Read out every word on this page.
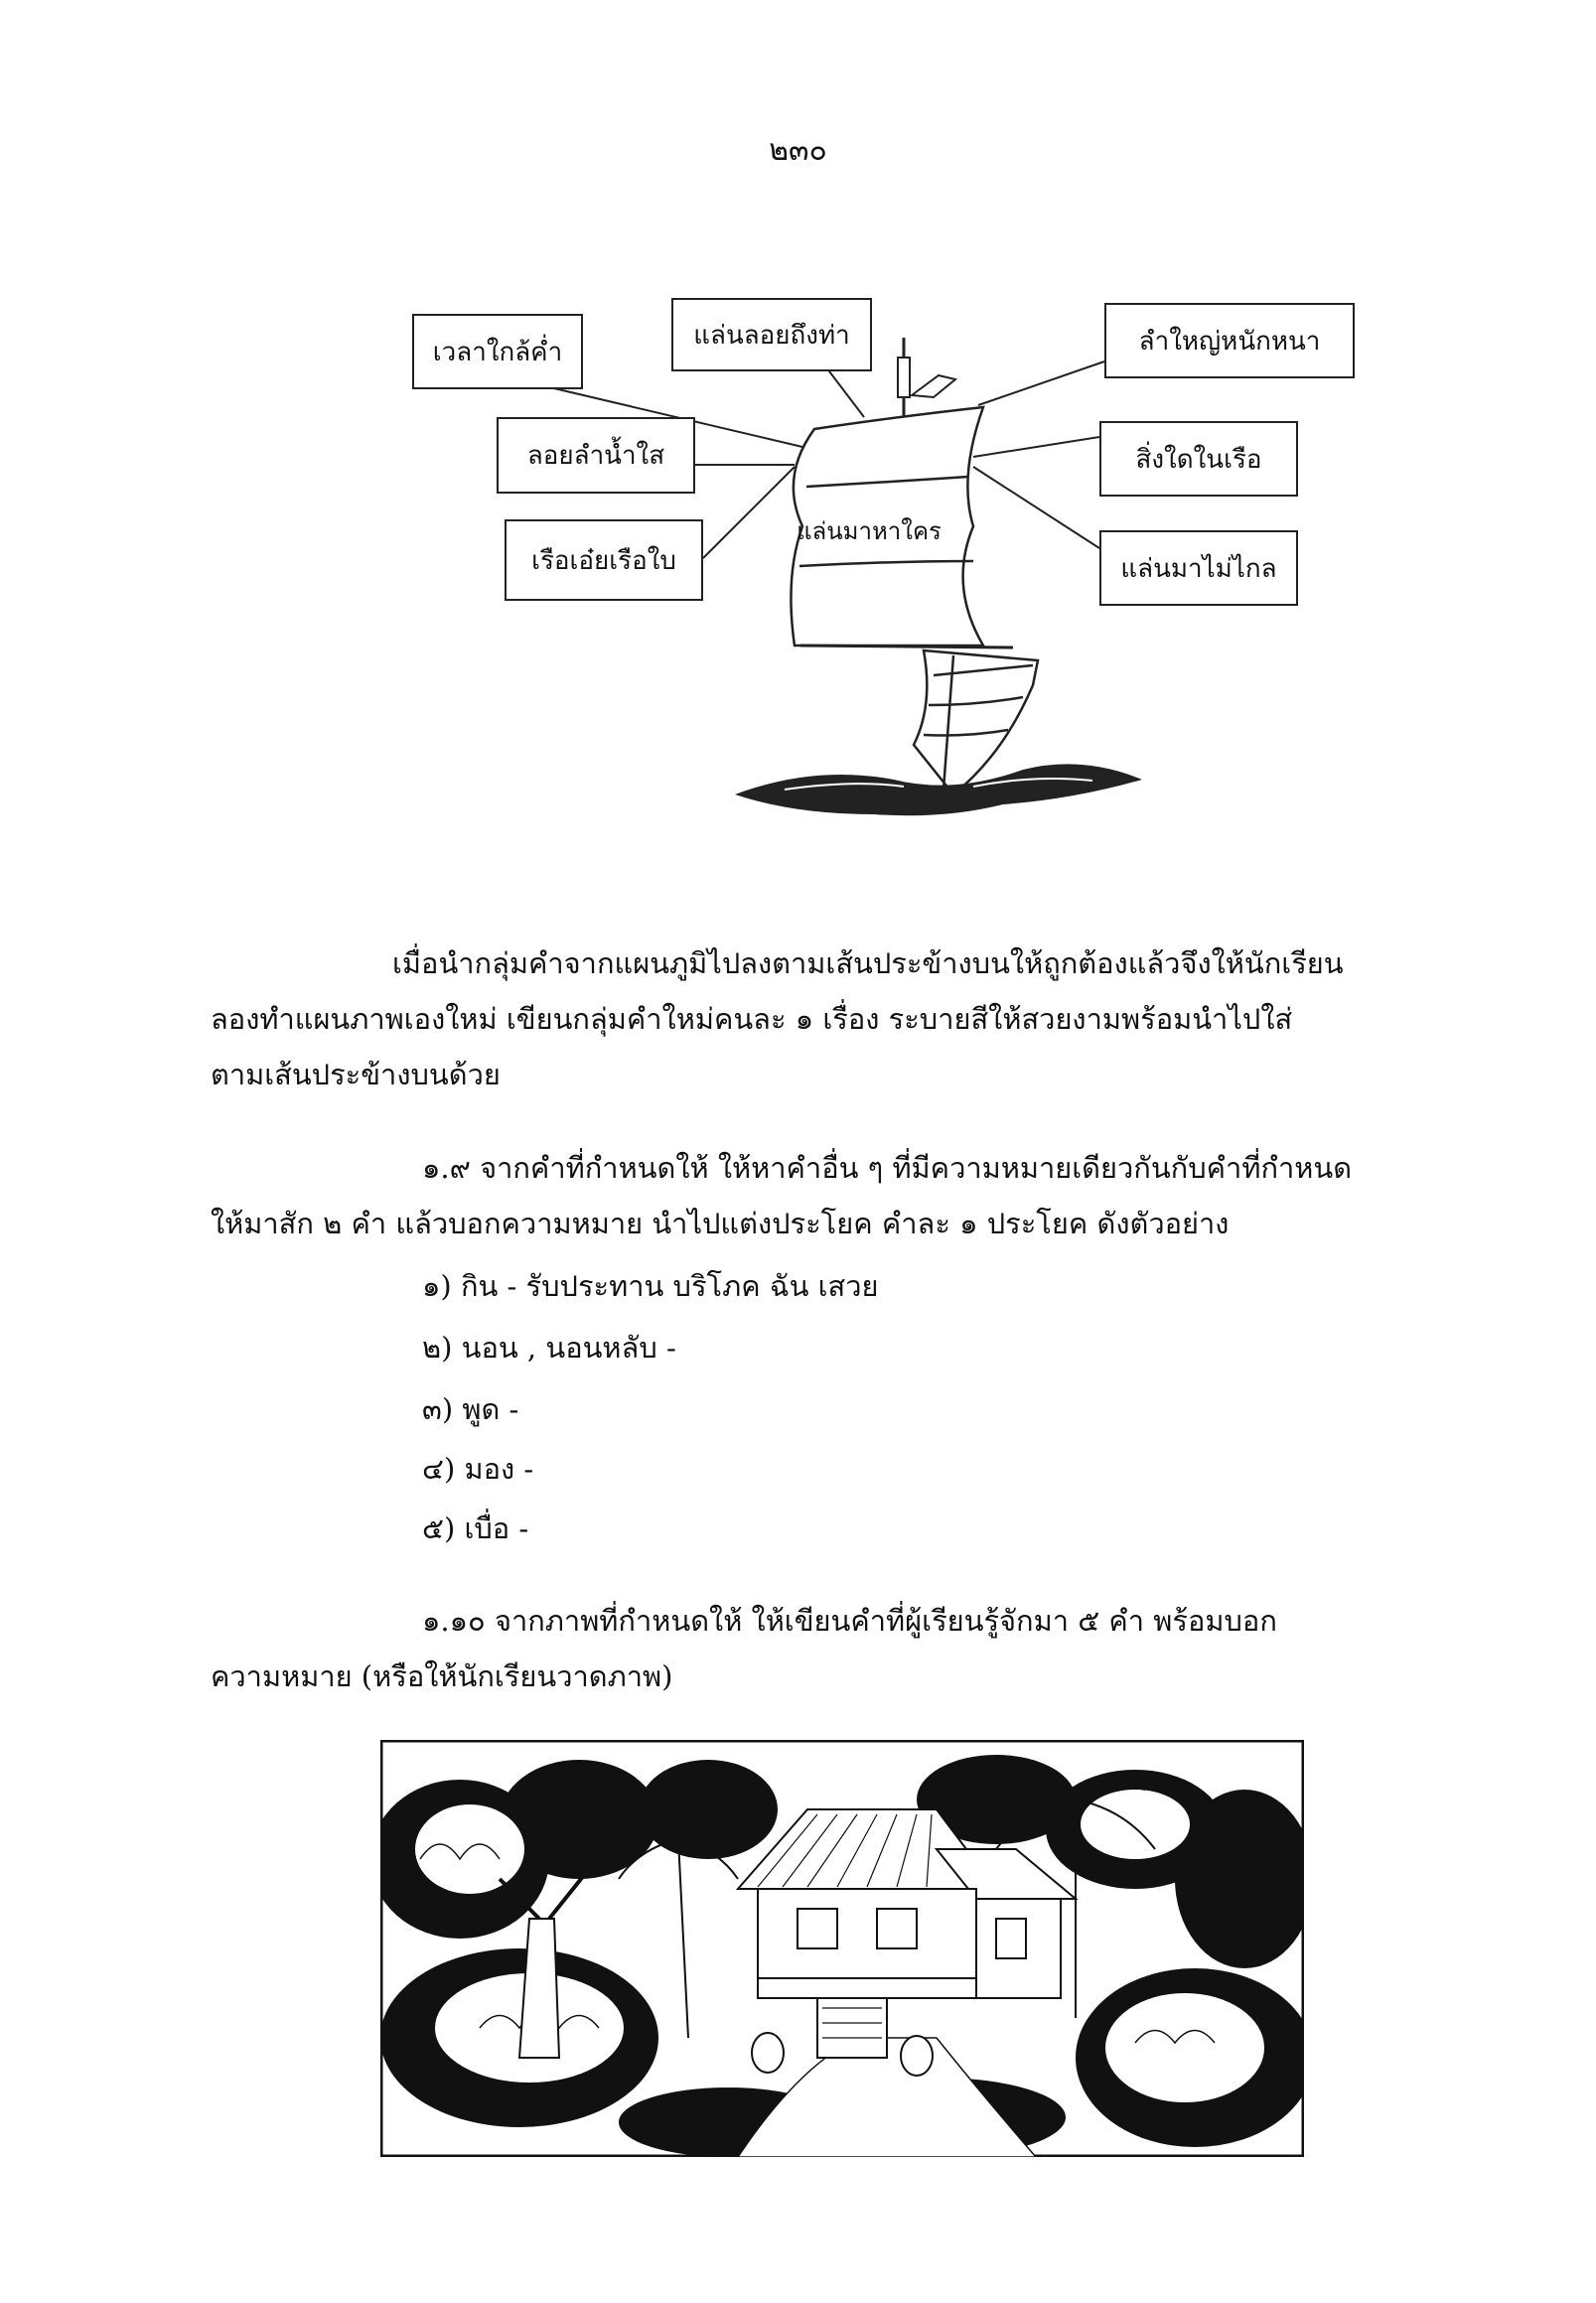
๒๓๐
เวลาใกล้ค่ำ
แล่นลอยถึงท่า	ลำใหญ่หนักหนา
ลอยลำน้ำใส	สิ่งใดในเรือ
เรือเอ๋ยเรือใบ	แล่นมาไม่ไกล
แล่นมาหาใคร
เมื่อนำกลุ่มคำจากแผนภูมิไปลงตามเส้นประข้างบนให้ถูกต้องแล้วจึงให้นักเรียน
ลองทำแผนภาพเองใหม่ เขียนกลุ่มคำใหม่คนละ ๑ เรื่อง ระบายสีให้สวยงามพร้อมนำไปใส่
ตามเส้นประข้างบนด้วย
๑.๙ จากคำที่กำหนดให้ ให้หาคำอื่น ๆ ที่มีความหมายเดียวกันกับคำที่กำหนด
ให้มาสัก ๒ คำ แล้วบอกความหมาย นำไปแต่งประโยค คำละ ๑ ประโยค ดังตัวอย่าง
๑) กิน - รับประทาน บริโภค ฉัน เสวย
๒) นอน , นอนหลับ -
๓) พูด -
๔) มอง -
๕) เบื่อ -
๑.๑๐ จากภาพที่กำหนดให้ ให้เขียนคำที่ผู้เรียนรู้จักมา ๕ คำ พร้อมบอก
ความหมาย (หรือให้นักเรียนวาดภาพ)
